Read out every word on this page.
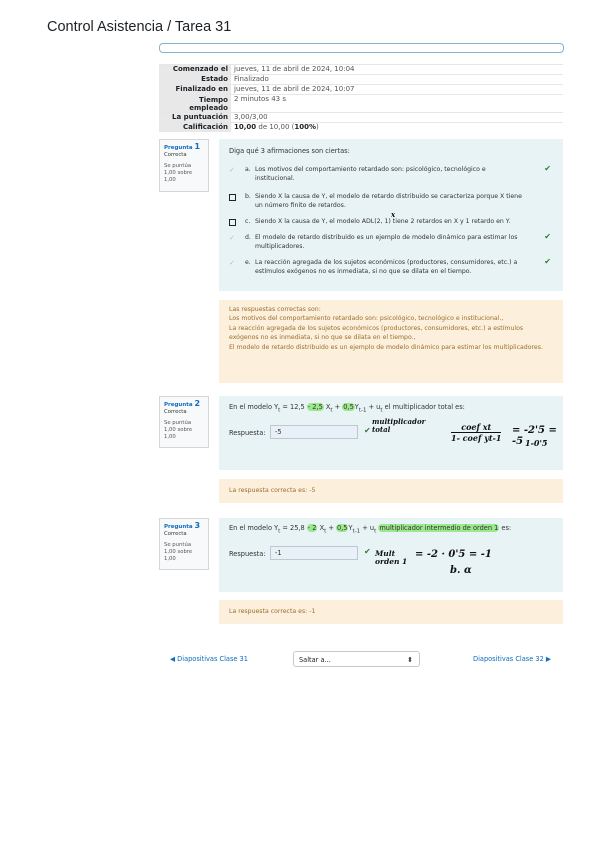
Control Asistencia / Tarea 31
Comenzado el	jueves, 11 de abril de 2024, 10:04
Estado	Finalizado
Finalizado en	jueves, 11 de abril de 2024, 10:07
Tiempo empleado	2 minutos 43 s
La puntuación	3,00/3,00
Calificación	10,00 de 10,00 (100%)
Pregunta 1
Correcta
Se puntúa 1,00 sobre 1,00
Diga qué 3 afirmaciones son ciertas:
✓	a. Los motivos del comportamiento retardado son: psicológico, tecnológico e institucional.
✔
b. Siendo X la causa de Y, el modelo de retardo distribuido se caracteriza porque X tiene un número finito de retardos.
c. Siendo X la causa de Y, el modelo ADL(2, 1) tiene 2 retardos en X y 1 retardo en Y.
x
✓	d. El modelo de retardo distribuido es un ejemplo de modelo dinámico para estimar los multiplicadores.
✔
✓	e. La reacción agregada de los sujetos económicos (productores, consumidores, etc.) a estímulos exógenos no es inmediata, si no que se dilata en el tiempo.
✔
Las respuestas correctas son:
Los motivos del comportamiento retardado son: psicológico, tecnológico e institucional.,
La reacción agregada de los sujetos económicos (productores, consumidores, etc.) a estímulos exógenos no es inmediata, si no que se dilata en el tiempo.,
El modelo de retardo distribuido es un ejemplo de modelo dinámico para estimar los multiplicadores.
Pregunta 2
Correcta
Se puntúa 1,00 sobre 1,00
En el modelo $Y_t = 12,5 - 2,5$ $X_t + 0,5Y_{t-1} + u_t$ el multiplicador total es:
Respuesta:	-5	✔
multiplicador
total	coef xt
1- coef yt-1
= -2'5 = -5 1-0'5
La respuesta correcta es: -5
Pregunta 3
Correcta
Se puntúa 1,00 sobre 1,00
En el modelo $Y_t = 25,8 - 2$ $X_t + 0,5Y_{t-1} + u_t$ multiplicador intermedio de orden 1 es:
Respuesta:	-1	✔ Mult
orden 1
= -2 · 0'5 = -1
b. α
La respuesta correcta es: -1
◀ Diapositivas Clase 31	Saltar a...	⬍	Diapositivas Clase 32 ▶
